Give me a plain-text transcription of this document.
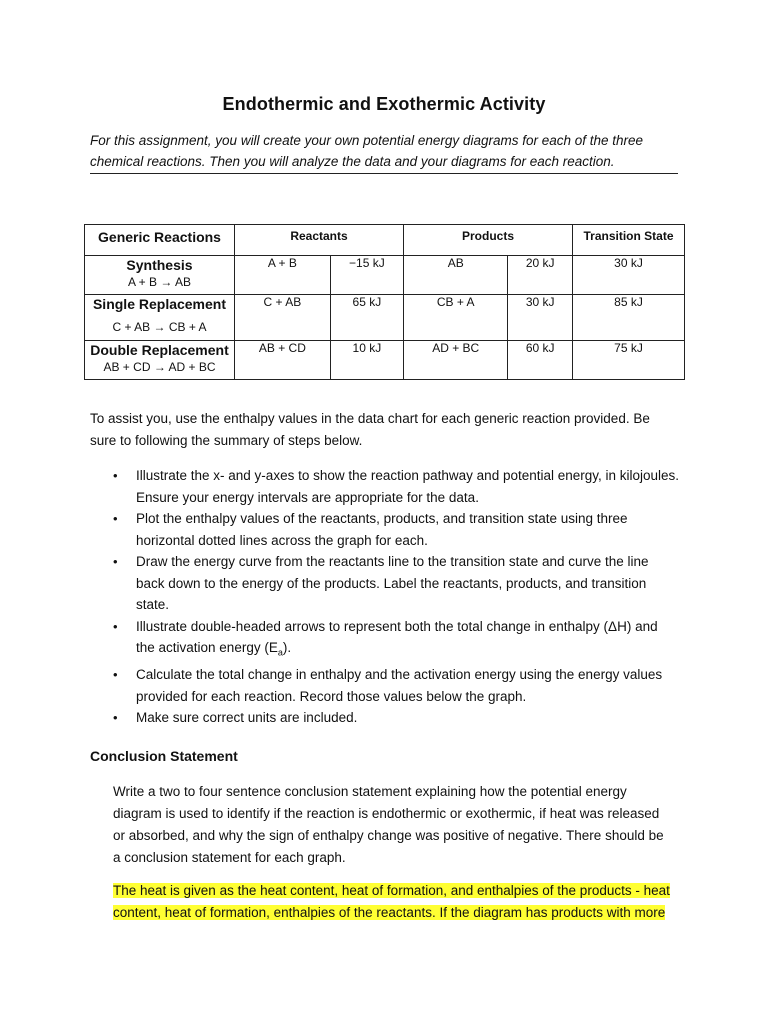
Endothermic and Exothermic Activity
For this assignment, you will create your own potential energy diagrams for each of the three chemical reactions. Then you will analyze the data and your diagrams for each reaction.
Generic Reactions	Reactants		Products		Transition State

Synthesis
A + B → AB	A + B	−15 kJ	AB	20 kJ	30 kJ

Single Replacement
C + AB → CB + A	C + AB	65 kJ	CB + A	30 kJ	85 kJ

Double Replacement
AB + CD → AD + BC	AB + CD	10 kJ	AD + BC	60 kJ	75 kJ
To assist you, use the enthalpy values in the data chart for each generic reaction provided. Be sure to following the summary of steps below.
• Illustrate the x- and y-axes to show the reaction pathway and potential energy, in kilojoules. Ensure your energy intervals are appropriate for the data.
• Plot the enthalpy values of the reactants, products, and transition state using three horizontal dotted lines across the graph for each.
• Draw the energy curve from the reactants line to the transition state and curve the line back down to the energy of the products. Label the reactants, products, and transition state.
• Illustrate double-headed arrows to represent both the total change in enthalpy (ΔH) and the activation energy $(E_a)$.
• Calculate the total change in enthalpy and the activation energy using the energy values provided for each reaction. Record those values below the graph.
• Make sure correct units are included.
Conclusion Statement
Write a two to four sentence conclusion statement explaining how the potential energy diagram is used to identify if the reaction is endothermic or exothermic, if heat was released or absorbed, and why the sign of enthalpy change was positive of negative. There should be a conclusion statement for each graph.
The heat is given as the heat content, heat of formation, and enthalpies of the products - heat content, heat of formation, enthalpies of the reactants. If the diagram has products with more
